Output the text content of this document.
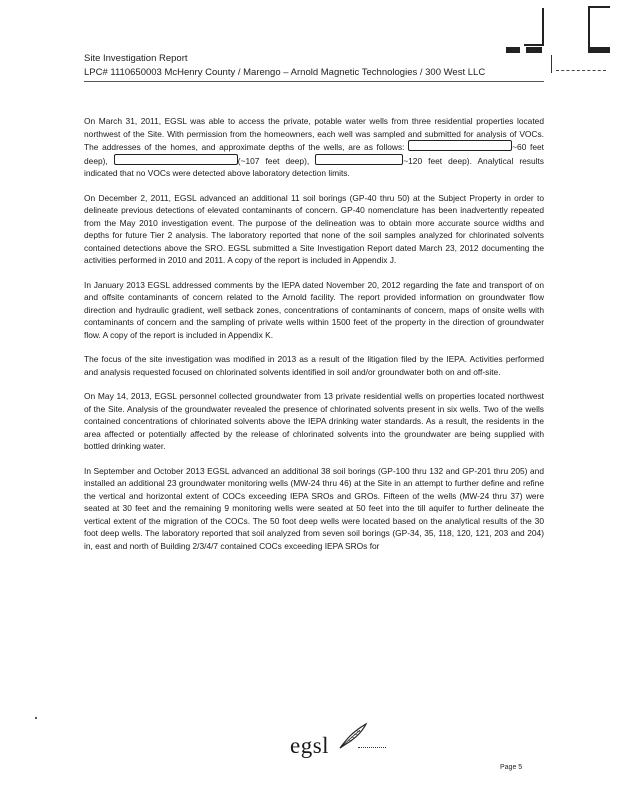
Site Investigation Report
LPC# 1110650003 McHenry County / Marengo – Arnold Magnetic Technologies / 300 West LLC

On March 31, 2011, EGSL was able to access the private, potable water wells from three residential properties located northwest of the Site. With permission from the homeowners, each well was sampled and submitted for analysis of VOCs. The addresses of the homes, and approximate depths of the wells, are as follows:	~60 feet deep),	(~107 feet deep),	~120 feet deep). Analytical results indicated that no VOCs were detected above laboratory detection limits.

On December 2, 2011, EGSL advanced an additional 11 soil borings (GP-40 thru 50) at the Subject Property in order to delineate previous detections of elevated contaminants of concern. GP-40 nomenclature has been inadvertently repeated from the May 2010 investigation event. The purpose of the delineation was to obtain more accurate source widths and depths for future Tier 2 analysis. The laboratory reported that none of the soil samples analyzed for chlorinated solvents contained detections above the SRO. EGSL submitted a Site Investigation Report dated March 23, 2012 documenting the activities performed in 2010 and 2011. A copy of the report is included in Appendix J.

In January 2013 EGSL addressed comments by the IEPA dated November 20, 2012 regarding the fate and transport of on and offsite contaminants of concern related to the Arnold facility. The report provided information on groundwater flow direction and hydraulic gradient, well setback zones, concentrations of contaminants of concern, maps of onsite wells with contaminants of concern and the sampling of private wells within 1500 feet of the property in the direction of groundwater flow. A copy of the report is included in Appendix K.

The focus of the site investigation was modified in 2013 as a result of the litigation filed by the IEPA. Activities performed and analysis requested focused on chlorinated solvents identified in soil and/or groundwater both on and off-site.

On May 14, 2013, EGSL personnel collected groundwater from 13 private residential wells on properties located northwest of the Site. Analysis of the groundwater revealed the presence of chlorinated solvents present in six wells. Two of the wells contained concentrations of chlorinated solvents above the IEPA drinking water standards. As a result, the residents in the area affected or potentially affected by the release of chlorinated solvents into the groundwater are being supplied with bottled drinking water.

In September and October 2013 EGSL advanced an additional 38 soil borings (GP-100 thru 132 and GP-201 thru 205) and installed an additional 23 groundwater monitoring wells (MW-24 thru 46) at the Site in an attempt to further define and refine the vertical and horizontal extent of COCs exceeding IEPA SROs and GROs. Fifteen of the wells (MW-24 thru 37) were seated at 30 feet and the remaining 9 monitoring wells were seated at 50 feet into the till aquifer to further delineate the vertical extent of the migration of the COCs. The 50 foot deep wells were located based on the analytical results of the 30 foot deep wells. The laboratory reported that soil analyzed from seven soil borings (GP-34, 35, 118, 120, 121, 203 and 204) in, east and north of Building 2/3/4/7 contained COCs exceeding IEPA SROs for

egsl
Page 5
